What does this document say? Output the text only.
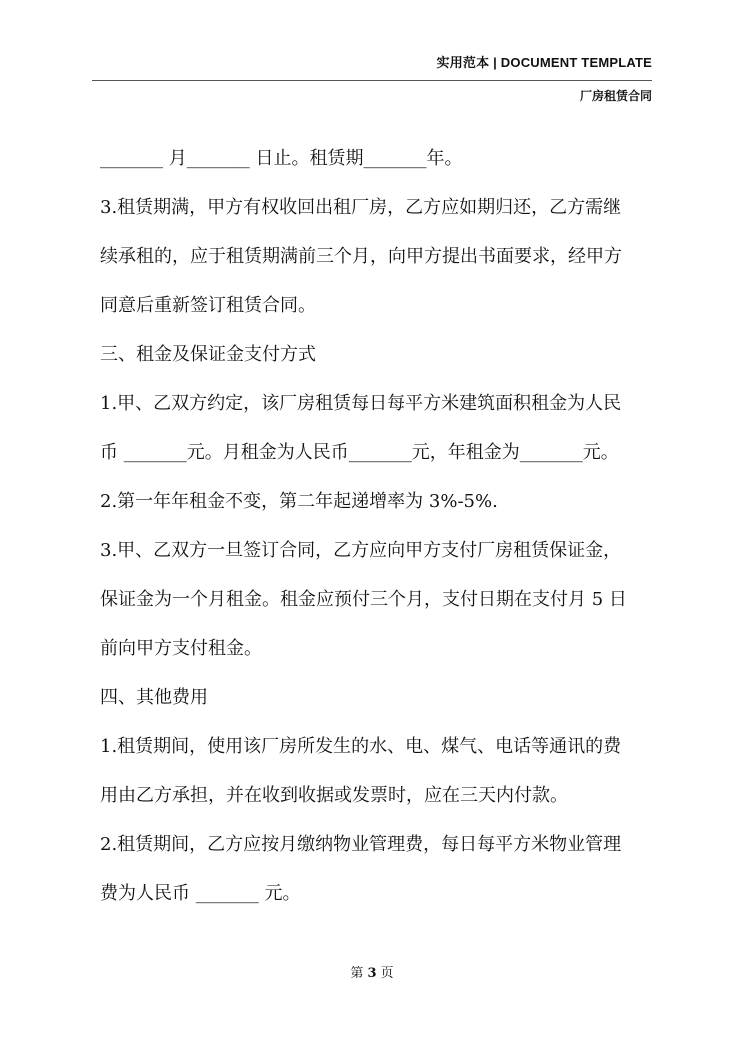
实用范本 | DOCUMENT TEMPLATE
厂房租赁合同
_______ 月_______ 日止。租赁期_______年。
3.租赁期满，甲方有权收回出租厂房，乙方应如期归还，乙方需继
续承租的，应于租赁期满前三个月，向甲方提出书面要求，经甲方
同意后重新签订租赁合同。
三、租金及保证金支付方式
1.甲、乙双方约定，该厂房租赁每日每平方米建筑面积租金为人民
币 _______元。月租金为人民币_______元，年租金为_______元。
2.第一年年租金不变，第二年起递增率为 3%-5%.
3.甲、乙双方一旦签订合同，乙方应向甲方支付厂房租赁保证金，
保证金为一个月租金。租金应预付三个月，支付日期在支付月 5 日
前向甲方支付租金。
四、其他费用
1.租赁期间，使用该厂房所发生的水、电、煤气、电话等通讯的费
用由乙方承担，并在收到收据或发票时，应在三天内付款。
2.租赁期间，乙方应按月缴纳物业管理费，每日每平方米物业管理
费为人民币 _______ 元。
第 3 页
